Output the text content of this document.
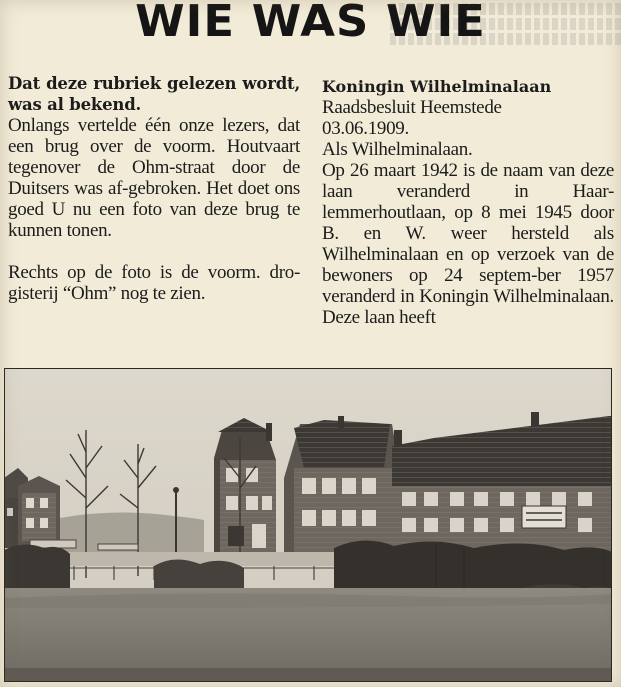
WIE WAS WIE

Dat deze rubriek gelezen wordt, was al bekend.

Onlangs vertelde één onze lezers, dat een brug over de voorm. Houtvaart tegenover de Ohm-straat door de Duitsers was af-gebroken. Het doet ons goed U nu een foto van deze brug te kunnen tonen.

Rechts op de foto is de voorm. dro-gisterij “Ohm” nog te zien.

Koningin Wilhelminalaan

Raadsbesluit Heemstede

03.06.1909.

Als Wilhelminalaan.

Op 26 maart 1942 is de naam van deze laan veranderd in Haar-lemmerhoutlaan, op 8 mei 1945 door B. en W. weer hersteld als Wilhelminalaan en op verzoek van de bewoners op 24 septem-ber 1957 veranderd in Koningin Wilhelminalaan. Deze laan heeft
